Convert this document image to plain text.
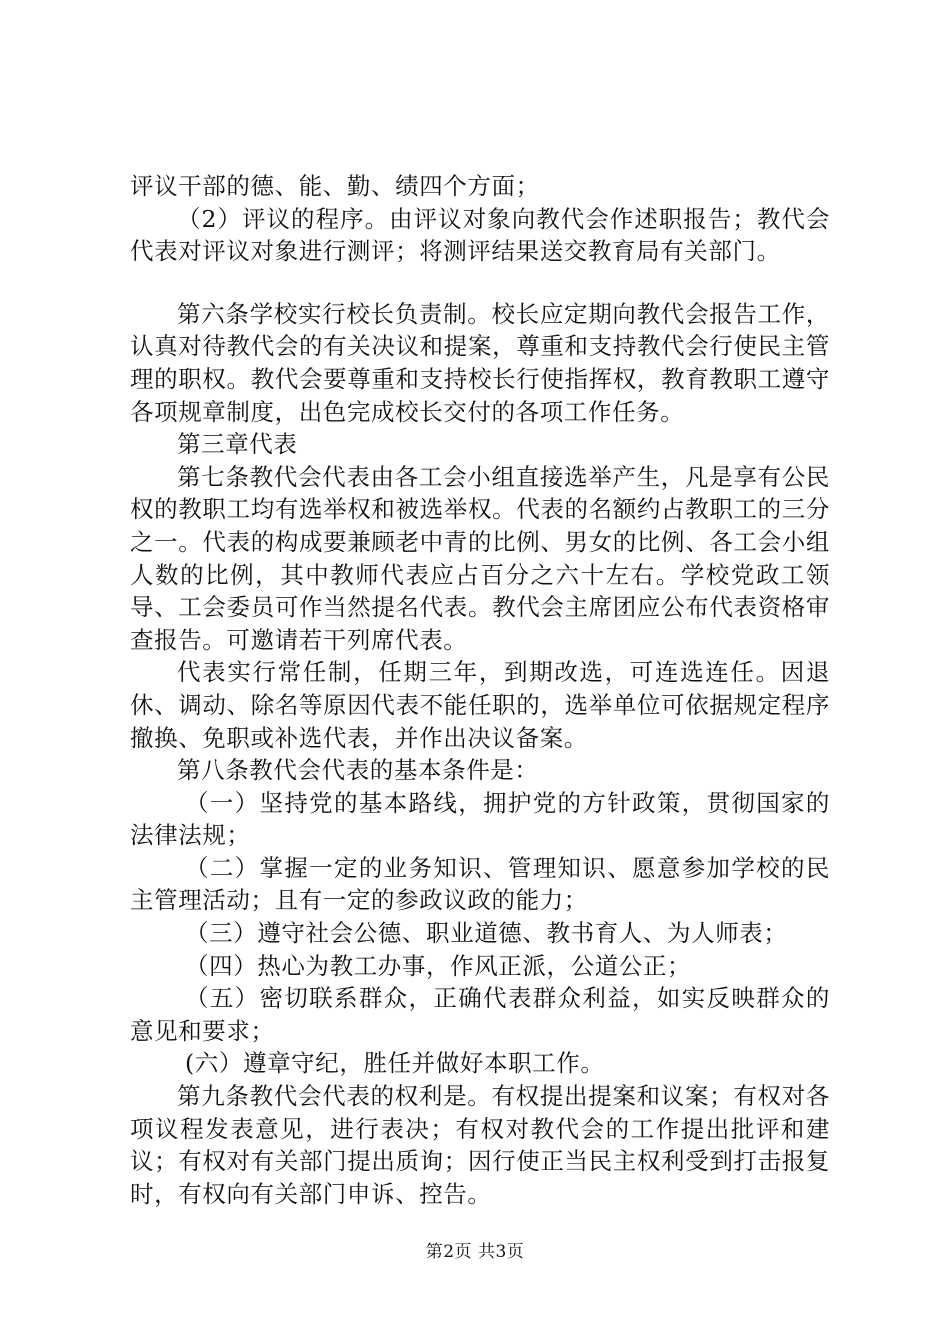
评议干部的德、能、勤、绩四个方面；

（2）评议的程序。由评议对象向教代会作述职报告；教代会代表对评议对象进行测评；将测评结果送交教育局有关部门。

第六条学校实行校长负责制。校长应定期向教代会报告工作，认真对待教代会的有关决议和提案，尊重和支持教代会行使民主管理的职权。教代会要尊重和支持校长行使指挥权，教育教职工遵守各项规章制度，出色完成校长交付的各项工作任务。

第三章代表

第七条教代会代表由各工会小组直接选举产生，凡是享有公民权的教职工均有选举权和被选举权。代表的名额约占教职工的三分之一。代表的构成要兼顾老中青的比例、男女的比例、各工会小组人数的比例，其中教师代表应占百分之六十左右。学校党政工领导、工会委员可作当然提名代表。教代会主席团应公布代表资格审查报告。可邀请若干列席代表。

代表实行常任制，任期三年，到期改选，可连选连任。因退休、调动、除名等原因代表不能任职的，选举单位可依据规定程序撤换、免职或补选代表，并作出决议备案。

第八条教代会代表的基本条件是：

（一）坚持党的基本路线，拥护党的方针政策，贯彻国家的法律法规；

（二）掌握一定的业务知识、管理知识、愿意参加学校的民主管理活动；且有一定的参政议政的能力；

（三）遵守社会公德、职业道德、教书育人、为人师表；

（四）热心为教工办事，作风正派，公道公正；

（五）密切联系群众，正确代表群众利益，如实反映群众的意见和要求；

(六）遵章守纪，胜任并做好本职工作。

第九条教代会代表的权利是。有权提出提案和议案；有权对各项议程发表意见，进行表决；有权对教代会的工作提出批评和建议；有权对有关部门提出质询；因行使正当民主权利受到打击报复时，有权向有关部门申诉、控告。

第2页 共3页
